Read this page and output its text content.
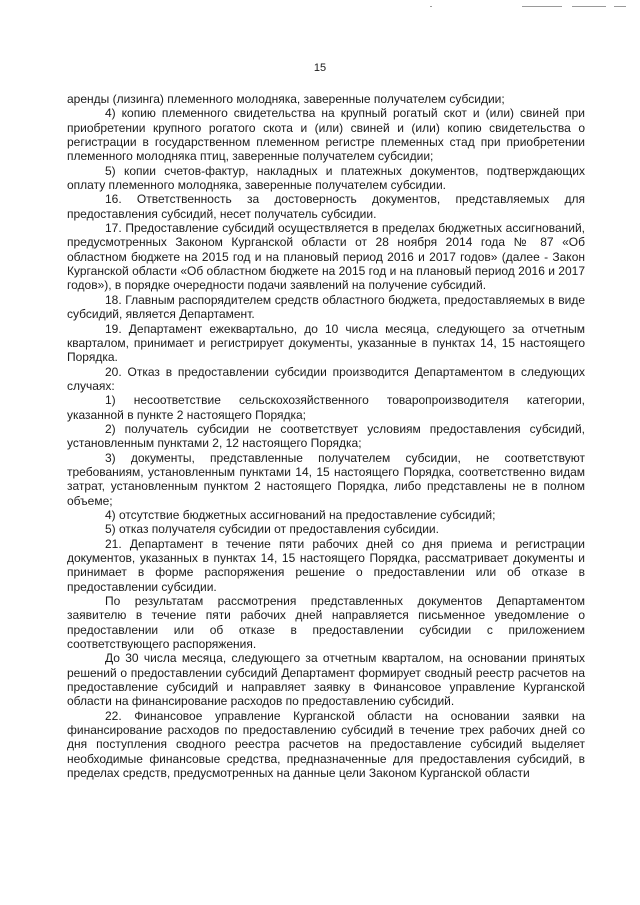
15

аренды (лизинга) племенного молодняка, заверенные получателем субсидии;

4) копию племенного свидетельства на крупный рогатый скот и (или) свиней при приобретении крупного рогатого скота и (или) свиней и (или) копию свидетельства о регистрации в государственном племенном регистре племенных стад при приобретении племенного молодняка птиц, заверенные получателем субсидии;

5) копии счетов-фактур, накладных и платежных документов, подтверждающих оплату племенного молодняка, заверенные получателем субсидии.

16. Ответственность за достоверность документов, представляемых для предоставления субсидий, несет получатель субсидии.

17. Предоставление субсидий осуществляется в пределах бюджетных ассигнований, предусмотренных Законом Курганской области от 28 ноября 2014 года № 87 «Об областном бюджете на 2015 год и на плановый период 2016 и 2017 годов» (далее - Закон Курганской области «Об областном бюджете на 2015 год и на плановый период 2016 и 2017 годов»), в порядке очередности подачи заявлений на получение субсидий.

18. Главным распорядителем средств областного бюджета, предоставляемых в виде субсидий, является Департамент.

19. Департамент ежеквартально, до 10 числа месяца, следующего за отчетным кварталом, принимает и регистрирует документы, указанные в пунктах 14, 15 настоящего Порядка.

20. Отказ в предоставлении субсидии производится Департаментом в следующих случаях:

1) несоответствие сельскохозяйственного товаропроизводителя категории, указанной в пункте 2 настоящего Порядка;

2) получатель субсидии не соответствует условиям предоставления субсидий, установленным пунктами 2, 12 настоящего Порядка;

3) документы, представленные получателем субсидии, не соответствуют требованиям, установленным пунктами 14, 15 настоящего Порядка, соответственно видам затрат, установленным пунктом 2 настоящего Порядка, либо представлены не в полном объеме;

4) отсутствие бюджетных ассигнований на предоставление субсидий;

5) отказ получателя субсидии от предоставления субсидии.

21. Департамент в течение пяти рабочих дней со дня приема и регистрации документов, указанных в пунктах 14, 15 настоящего Порядка, рассматривает документы и принимает в форме распоряжения решение о предоставлении или об отказе в предоставлении субсидии.

По результатам рассмотрения представленных документов Департаментом заявителю в течение пяти рабочих дней направляется письменное уведомление о предоставлении или об отказе в предоставлении субсидии с приложением соответствующего распоряжения.

До 30 числа месяца, следующего за отчетным кварталом, на основании принятых решений о предоставлении субсидий Департамент формирует сводный реестр расчетов на предоставление субсидий и направляет заявку в Финансовое управление Курганской области на финансирование расходов по предоставлению субсидий.

22. Финансовое управление Курганской области на основании заявки на финансирование расходов по предоставлению субсидий в течение трех рабочих дней со дня поступления сводного реестра расчетов на предоставление субсидий выделяет необходимые финансовые средства, предназначенные для предоставления субсидий, в пределах средств, предусмотренных на данные цели Законом Курганской области
